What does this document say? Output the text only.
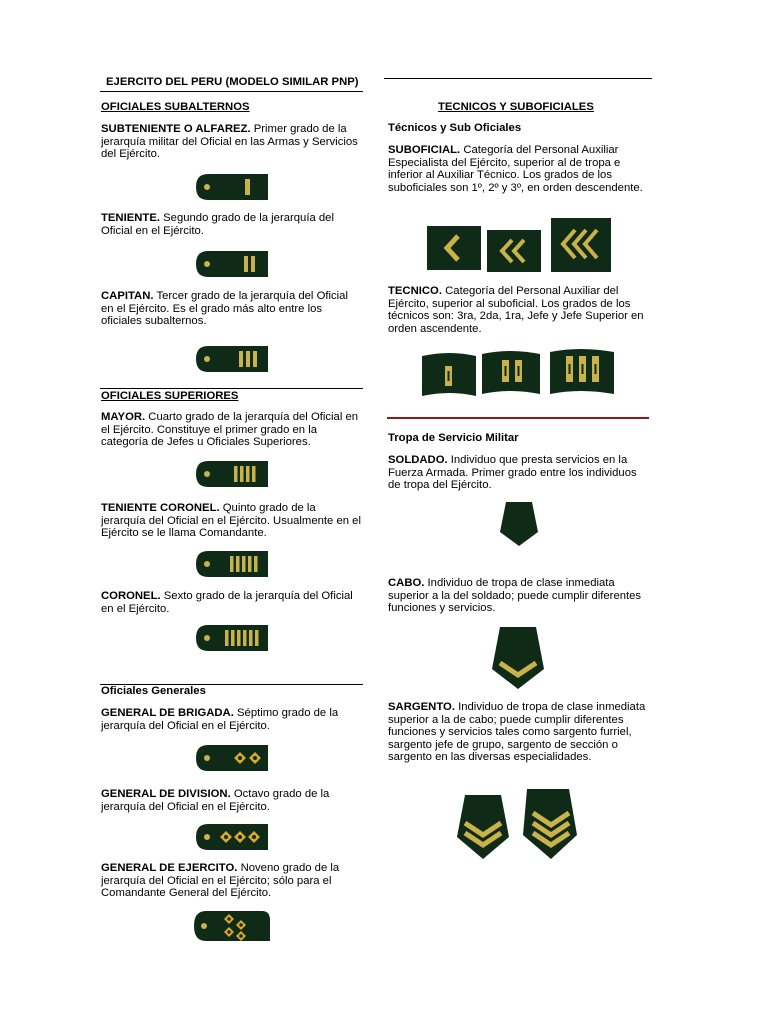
EJERCITO DEL PERU (MODELO SIMILAR PNP)
OFICIALES SUBALTERNOS
SUBTENIENTE O ALFAREZ. Primer grado de la jerarquía militar del Oficial en las Armas y Servicios del Ejército.
TENIENTE. Segundo grado de la jerarquía del Oficial en el Ejército.
CAPITAN. Tercer grado de la jerarquía del Oficial en el Ejército. Es el grado más alto entre los oficiales subalternos.
OFICIALES SUPERIORES
MAYOR. Cuarto grado de la jerarquía del Oficial en el Ejército. Constituye el primer grado en la categoría de Jefes u Oficiales Superiores.
TENIENTE CORONEL. Quinto grado de la jerarquía del Oficial en el Ejército. Usualmente en el Ejército se le llama Comandante.
CORONEL. Sexto grado de la jerarquía del Oficial en el Ejército.
Oficiales Generales
GENERAL DE BRIGADA. Séptimo grado de la jerarquía del Oficial en el Ejército.
GENERAL DE DIVISION. Octavo grado de la jerarquía del Oficial en el Ejército.
GENERAL DE EJERCITO. Noveno grado de la jerarquía del Oficial en el Ejército; sólo para el Comandante General del Ejército.
TECNICOS Y SUBOFICIALES
Técnicos y Sub Oficiales
SUBOFICIAL. Categoría del Personal Auxiliar Especialista del Ejército, superior al de tropa e inferior al Auxiliar Técnico. Los grados de los suboficiales son 1º, 2º y 3º, en orden descendente.
TECNICO. Categoría del Personal Auxiliar del Ejército, superior al suboficial. Los grados de los técnicos son: 3ra, 2da, 1ra, Jefe y Jefe Superior en orden ascendente.
Tropa de Servicio Militar
SOLDADO. Individuo que presta servicios en la Fuerza Armada. Primer grado entre los individuos de tropa del Ejército.
CABO. Individuo de tropa de clase inmediata superior a la del soldado; puede cumplir diferentes funciones y servicios.
SARGENTO. Individuo de tropa de clase inmediata superior a la de cabo; puede cumplir diferentes funciones y servicios tales como sargento furriel, sargento jefe de grupo, sargento de sección o sargento en las diversas especialidades.
